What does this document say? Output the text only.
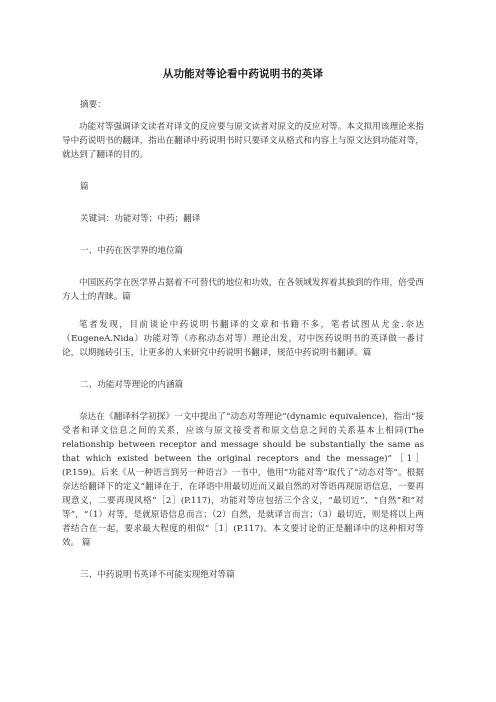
从功能对等论看中药说明书的英译

摘要：

功能对等强调译文读者对译文的反应要与原文读者对原文的反应对等。本文拟用该理论来指导中药说明书的翻译，指出在翻译中药说明书时只要译文从格式和内容上与原文达到功能对等，就达到了翻译的目的。

篇

关键词：功能对等；中药；翻译

一、中药在医学界的地位篇

中国医药学在医学界占据着不可替代的地位和功效，在各领域发挥着其独到的作用，倍受西方人士的青睐。篇

笔者发现，目前谈论中药说明书翻译的文章和书籍不多，笔者试图从尤金.奈达（EugeneA.Nida）功能对等（亦称动态对等）理论出发，对中医药说明书的英译做一番讨论，以期抛砖引玉，让更多的人来研究中药说明书翻译，规范中药说明书翻译。篇

二、功能对等理论的内涵篇

奈达在《翻译科学初探》一文中提出了“动态对等理论”(dynamic equivalence)，指出“接受者和译文信息之间的关系，应该与原文接受者和原文信息之间的关系基本上相同(The relationship between receptor and message should be substantially the same as that which existed between the original receptors and the message)”［1］(P.159)。后来《从一种语言到另一种语言》一书中，他用“功能对等”取代了“动态对等”。根据奈达给翻译下的定义“翻译在于，在译语中用最切近而又最自然的对等语再现原语信息，一要再现意义，二要再现风格”［2］(P.117)，功能对等应包括三个含义，“最切近”、“自然”和“对等”，“（1）对等，是就原语信息而言；（2）自然，是就译言而言；（3）最切近，则是将以上两者结合在一起，要求最大程度的相似”［1］(P.117)。本文要讨论的正是翻译中的这种相对等效。 篇

三、中药说明书英译不可能实现绝对等篇
